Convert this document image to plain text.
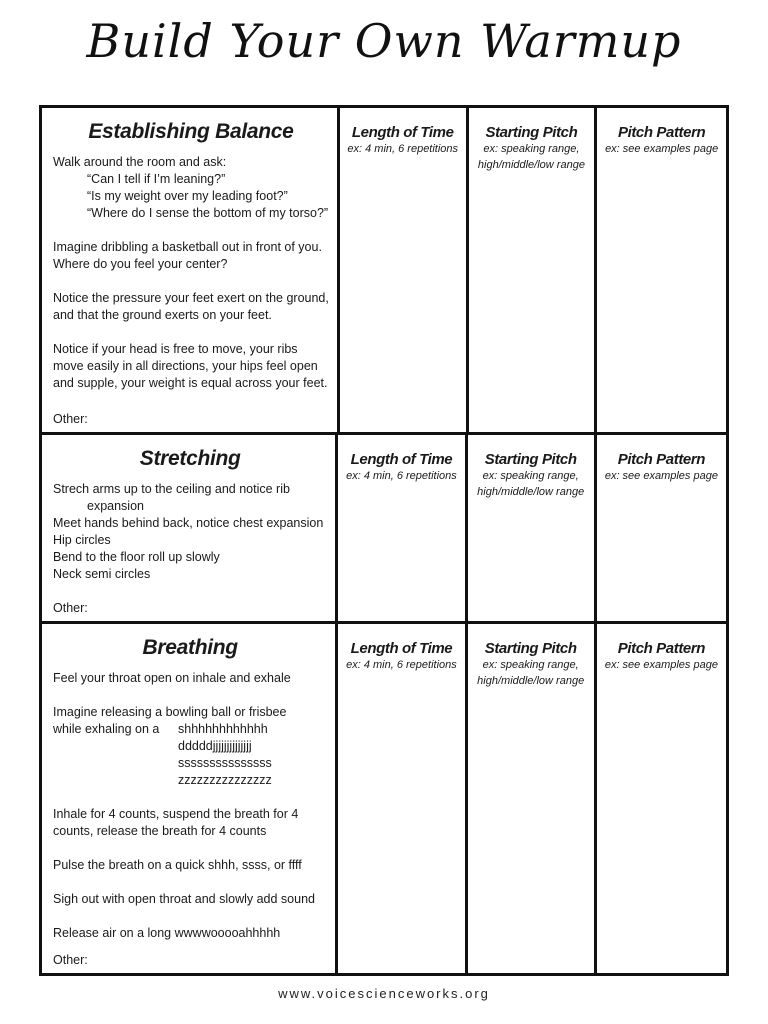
Build Your Own Warmup
Establishing Balance
Walk around the room and ask:
“Can I tell if I’m leaning?”
“Is my weight over my leading foot?”
“Where do I sense the bottom of my torso?”
Imagine dribbling a basketball out in front of you.
Where do you feel your center?
Notice the pressure your feet exert on the ground,
and that the ground exerts on your feet.
Notice if your head is free to move, your ribs
move easily in all directions, your hips feel open
and supple, your weight is equal across your feet.
Other:
Length of Time
ex: 4 min, 6 repetitions
Starting Pitch
ex: speaking range,
high/middle/low range
Pitch Pattern
ex: see examples page
Stretching
Strech arms up to the ceiling and notice rib
expansion
Meet hands behind back, notice chest expansion
Hip circles
Bend to the floor roll up slowly
Neck semi circles
Other:
Length of Time
ex: 4 min, 6 repetitions
Starting Pitch
ex: speaking range,
high/middle/low range
Pitch Pattern
ex: see examples page
Breathing
Feel your throat open on inhale and exhale
Imagine releasing a bowling ball or frisbee
while exhaling on a	shhhhhhhhhhhh
dddddjjjjjjjjjjjjjj
sssssssssssssss
zzzzzzzzzzzzzzz
Inhale for 4 counts, suspend the breath for 4
counts, release the breath for 4 counts
Pulse the breath on a quick shhh, ssss, or ffff
Sigh out with open throat and slowly add sound
Release air on a long wwwwooooahhhhh
Other:
Length of Time
ex: 4 min, 6 repetitions
Starting Pitch
ex: speaking range,
high/middle/low range
Pitch Pattern
ex: see examples page
www.voicescienceworks.org
